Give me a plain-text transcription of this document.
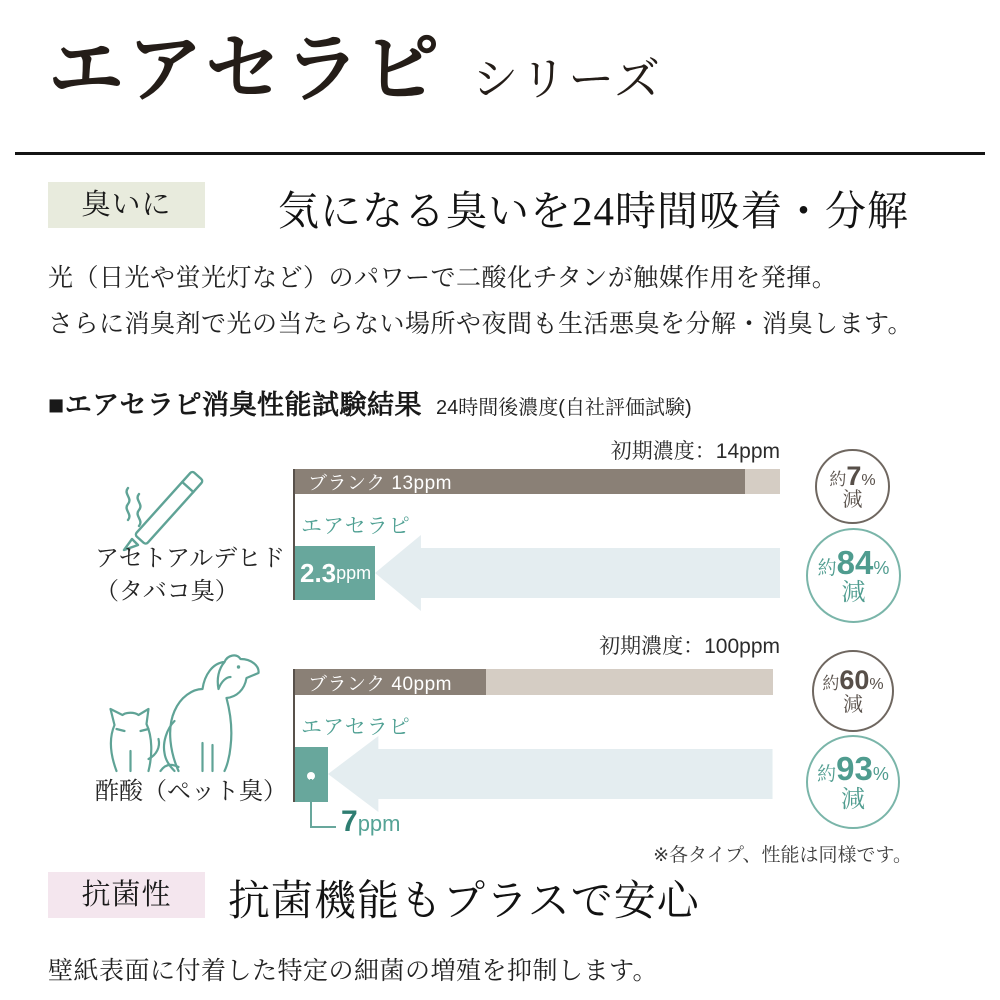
エアセラピ シリーズ
臭いに	気になる臭いを24時間吸着・分解

光（日光や蛍光灯など）のパワーで二酸化チタンが触媒作用を発揮。

さらに消臭剤で光の当たらない場所や夜間も生活悪臭を分解・消臭します。

■エアセラピ消臭性能試験結果 24時間後濃度(自社評価試験)
アセトアルデヒド
（タバコ臭）
初期濃度：14ppm
ブランク 13ppm
エアセラピ
2.3 ppm
約7%
減
約84%
減
酢酸（ペット臭）
初期濃度：100ppm
ブランク 40ppm
エアセラピ
7ppm
約60%
減
約93%
減
※各タイプ、性能は同様です。
抗菌性	抗菌機能もプラスで安心

壁紙表面に付着した特定の細菌の増殖を抑制します。
